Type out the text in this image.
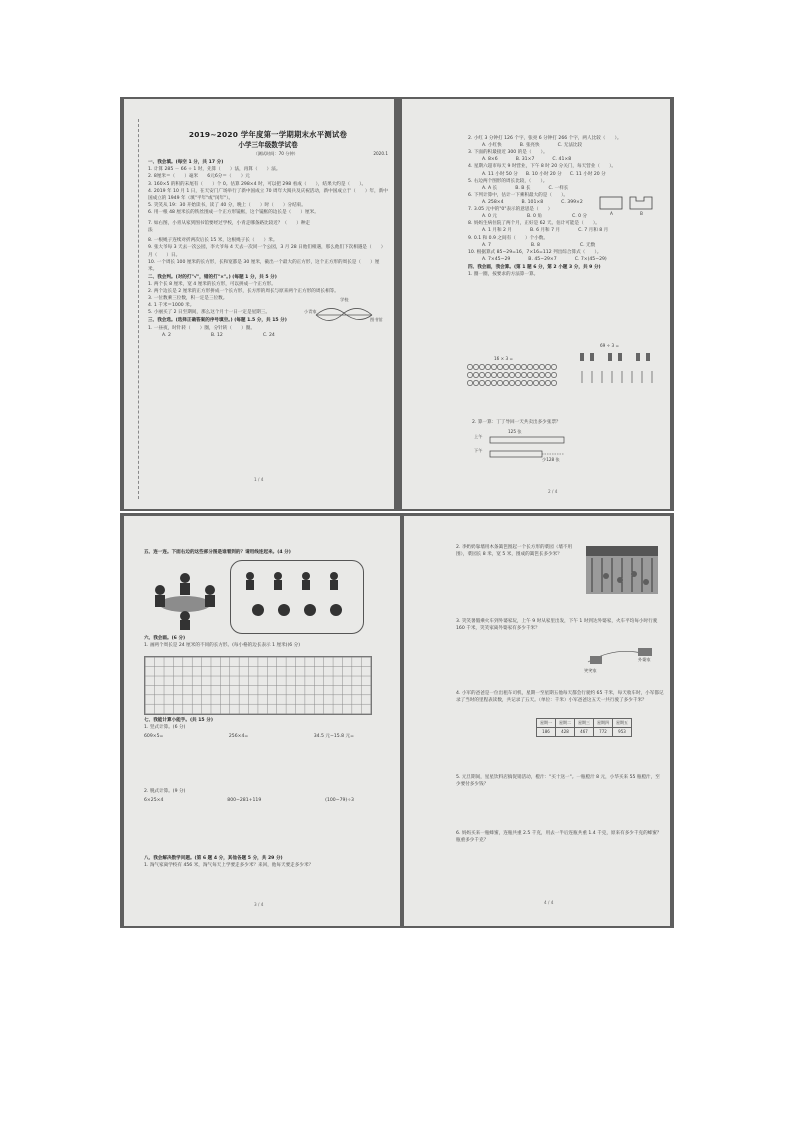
2019~2020 学年度第一学期期末水平测试卷
小学三年级数学试卷
（测试时间：70 分钟）	2020.1
一、我会填。(每空 1 分，共 17 分)
1. 计算 285 － 66 ÷ 1 时，先算（　　）法，再算（　　）法。
2. 8厘米＝（　　）毫米　　6元6分＝（　　）元
3. 160×5 的积的末尾有（　　）个 0。估算 298×4 时，可以把 298 看成（　　），结果大约是（　　）。
4. 2019 年 10 月 1 日，在天安门广场举行了新中国成立 70 周年大阅兵及庆祝活动，新中国成立于（　　）年，新中国成立的 1949 年（填"平年"或"闰年"）。
5. 笑笑从 19：30 开始读书，读了 40 分，晚上（　　）时（　　）分结束。
6. 用一根 48 厘米长的铁丝围成一个正方形镜框，这个镜框的边长是（　　）厘米。
7. 如右图，小青从家到图书馆要经过学校，小青走哪条路比较近？（　　）种走法
8. 一根绳子连续对折两次后长 15 米，这根绳子长（　　）米。
9. 张大爷每 3 天去一次公园，李大爷每 4 天去一次同一个公园，3 月 28 日他们相遇，那么他们下次相遇是（　　）月（　　）日。
10. 一个周长 100 厘米的长方形，长和宽都是 30 厘米，截出一个最大的正方形，这个正方形的周长是（　　）厘米。
二、我会判。(对的打"√"，错的打"×"。) (每题 1 分，共 5 分)
1. 两个长 8 厘米，宽 4 厘米的长方形，可以拼成一个正方形。
2. 两个边长是 2 厘米的正方形拼成一个长方形，长方形的周长与原来两个正方形的周长相等。
3. 一位数乘三位数，积一定是三位数。
4. 1 千米＝1000 米。
5. 小丽买了 2 日至期间，那么这个月十一日一定是星期三。
三、我会选。(选择正确答案的序号填空。) (每题 1.5 分，共 15 分)
1. 一昼夜，时针转（　　）圈，分针转（　　）圈。
A. 2	B. 12	C. 24
小青家
学校
图书馆
1 / 4
2. 小红 3 分钟打 126 个字，张亮 6 分钟打 266 个字，两人比较（　　）。
A. 小红快	B. 张亮快	C. 无法比较
3. 下面的积最接近 300 的是（　　）。
A. 8×6	B. 31×7	C. 41×8
4. 星期六超市每天 9 时营业，下午 8 时 20 分关门，每天营业（　　）。
A. 11 小时 50 分 B. 10 小时 20 分 C. 11 小时 20 分
5. 右边两个图形的周长比较，（　　）。
A. A 长	B. B 长	C. 一样长
6. 下列计算中，估计一下乘积最大的是（　　）。
A. 258×4	B. 101×8	C. 399×2
7. 3.05 元中的"0"表示的意思是（　　）
A. 0 元	B. 0 角	C. 0 分
8. 妈妈生病住院了两个月，正好是 62 天。估计可能是（　　）。
A. 1 月和 2 月	B. 6 月和 7 月	C. 7 月和 8 月
9. 0.1 和 0.9 之间有（　　）个小数。
A. 7	B. 8	C. 无数
10. 根据算式 85−29=16，7×16=112 列出综合算式（　　）。
A. 7×45−29	B. 45−29×7	C. 7×(45−29)
四、我会画，我会算。(第 1 题 6 分，第 2 小题 3 分，共 9 分)
1. 圈一圈，按要求的方法算一算。
A	B
16 × 3 =
69 ÷ 3 =
2. 算一算：丁丁导回一天共卖出多少张票？
上午
下午
125 张
少128 张
2 / 4
五、连一连。下面右边的这些部分图是谁看到的？请用线连起来。(4 分)
六、我会画。(6 分)
1. 画两个周长是 24 厘米的不同的长方形。(每小格的边长表示 1 厘米)(6 分)
七、我能计算小能手。(共 15 分)
1. 竖式计算。(6 分)
609×5=	256×4=	34.5 元−15.8 元=
2. 脱式计算。(9 分)
6×25×4	800−281+119	(100−79)÷3
八、我会解决数学问题。(第 6 题 4 分，其他各题 5 分，共 29 分)
1. 淘气家离学校有 456 米，淘气每天上学要走多少米？来回，他每天要走多少米？
3 / 4
2. 李奶奶靠墙用木条篱笆围起一个长方形的菜园（墙不用围），菜园长 8 米，宽 5 米，围成的篱笆长多少米？
3. 笑笑暑假乘火车到外婆家玩，上午 9 时从家里出发，下午 1 时到达外婆家，火车平均每小时行驶 160 千米，笑笑家离外婆家有多少千米？
笑笑家
外婆家
4. 小军的爸爸是一位出租车司机，星期一至星期五他每天都会行驶约 65 千米，每天收车时，小军都记录了当时的里程表读数，共记录了五天。（单位：千米）小军爸爸这五天一共行驶了多少千米？
星期一	星期二	星期三	星期四	星期五
186	428	467	772	953
5. 元旦期间，星星饮料店搞促销活动，橙汁："买十送一"。一瓶橙汁 8 元，小华买来 55 瓶橙汁，至少要付多少钱？
6. 妈妈买来一瓶蜂蜜，连瓶共重 2.5 千克，用去一半后连瓶共重 1.4 千克，原来有多少千克的蜂蜜？瓶重多少千克？
4 / 4
